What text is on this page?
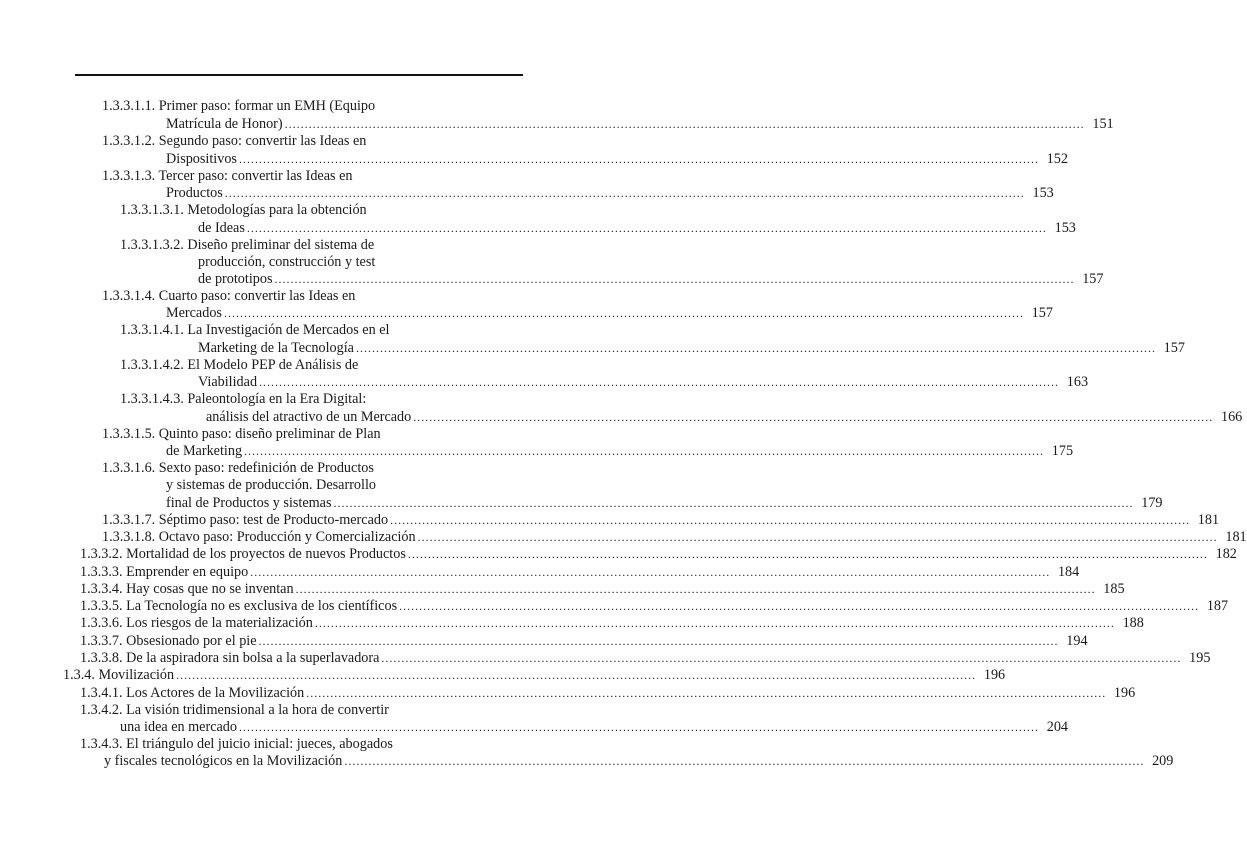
1.3.3.1.1. Primer paso: formar un EMH (Equipo
Matrícula de Honor) ........................................................................................................................................................................................................ 151
1.3.3.1.2. Segundo paso: convertir las Ideas en
Dispositivos ........................................................................................................................................................................................................ 152
1.3.3.1.3. Tercer paso: convertir las Ideas en
Productos ........................................................................................................................................................................................................ 153
1.3.3.1.3.1. Metodologías para la obtención
de Ideas ........................................................................................................................................................................................................ 153
1.3.3.1.3.2. Diseño preliminar del sistema de
producción, construcción y test
de prototipos ........................................................................................................................................................................................................ 157
1.3.3.1.4. Cuarto paso: convertir las Ideas en
Mercados ........................................................................................................................................................................................................ 157
1.3.3.1.4.1. La Investigación de Mercados en el
Marketing de la Tecnología ........................................................................................................................................................................................................ 157
1.3.3.1.4.2. El Modelo PEP de Análisis de
Viabilidad ........................................................................................................................................................................................................ 163
1.3.3.1.4.3. Paleontología en la Era Digital:
análisis del atractivo de un Mercado ........................................................................................................................................................................................................ 166
1.3.3.1.5. Quinto paso: diseño preliminar de Plan
de Marketing ........................................................................................................................................................................................................ 175
1.3.3.1.6. Sexto paso: redefinición de Productos
y sistemas de producción. Desarrollo
final de Productos y sistemas ........................................................................................................................................................................................................ 179
1.3.3.1.7. Séptimo paso: test de Producto-mercado ........................................................................................................................................................................................................ 181
1.3.3.1.8. Octavo paso: Producción y Comercialización ........................................................................................................................................................................................................ 181
1.3.3.2. Mortalidad de los proyectos de nuevos Productos ........................................................................................................................................................................................................ 182
1.3.3.3. Emprender en equipo ........................................................................................................................................................................................................ 184
1.3.3.4. Hay cosas que no se inventan ........................................................................................................................................................................................................ 185
1.3.3.5. La Tecnología no es exclusiva de los científicos ........................................................................................................................................................................................................ 187
1.3.3.6. Los riesgos de la materialización ........................................................................................................................................................................................................ 188
1.3.3.7. Obsesionado por el pie ........................................................................................................................................................................................................ 194
1.3.3.8. De la aspiradora sin bolsa a la superlavadora ........................................................................................................................................................................................................ 195
1.3.4. Movilización ........................................................................................................................................................................................................ 196
1.3.4.1. Los Actores de la Movilización ........................................................................................................................................................................................................ 196
1.3.4.2. La visión tridimensional a la hora de convertir
una idea en mercado ........................................................................................................................................................................................................ 204
1.3.4.3. El triángulo del juicio inicial: jueces, abogados
y fiscales tecnológicos en la Movilización ........................................................................................................................................................................................................ 209
